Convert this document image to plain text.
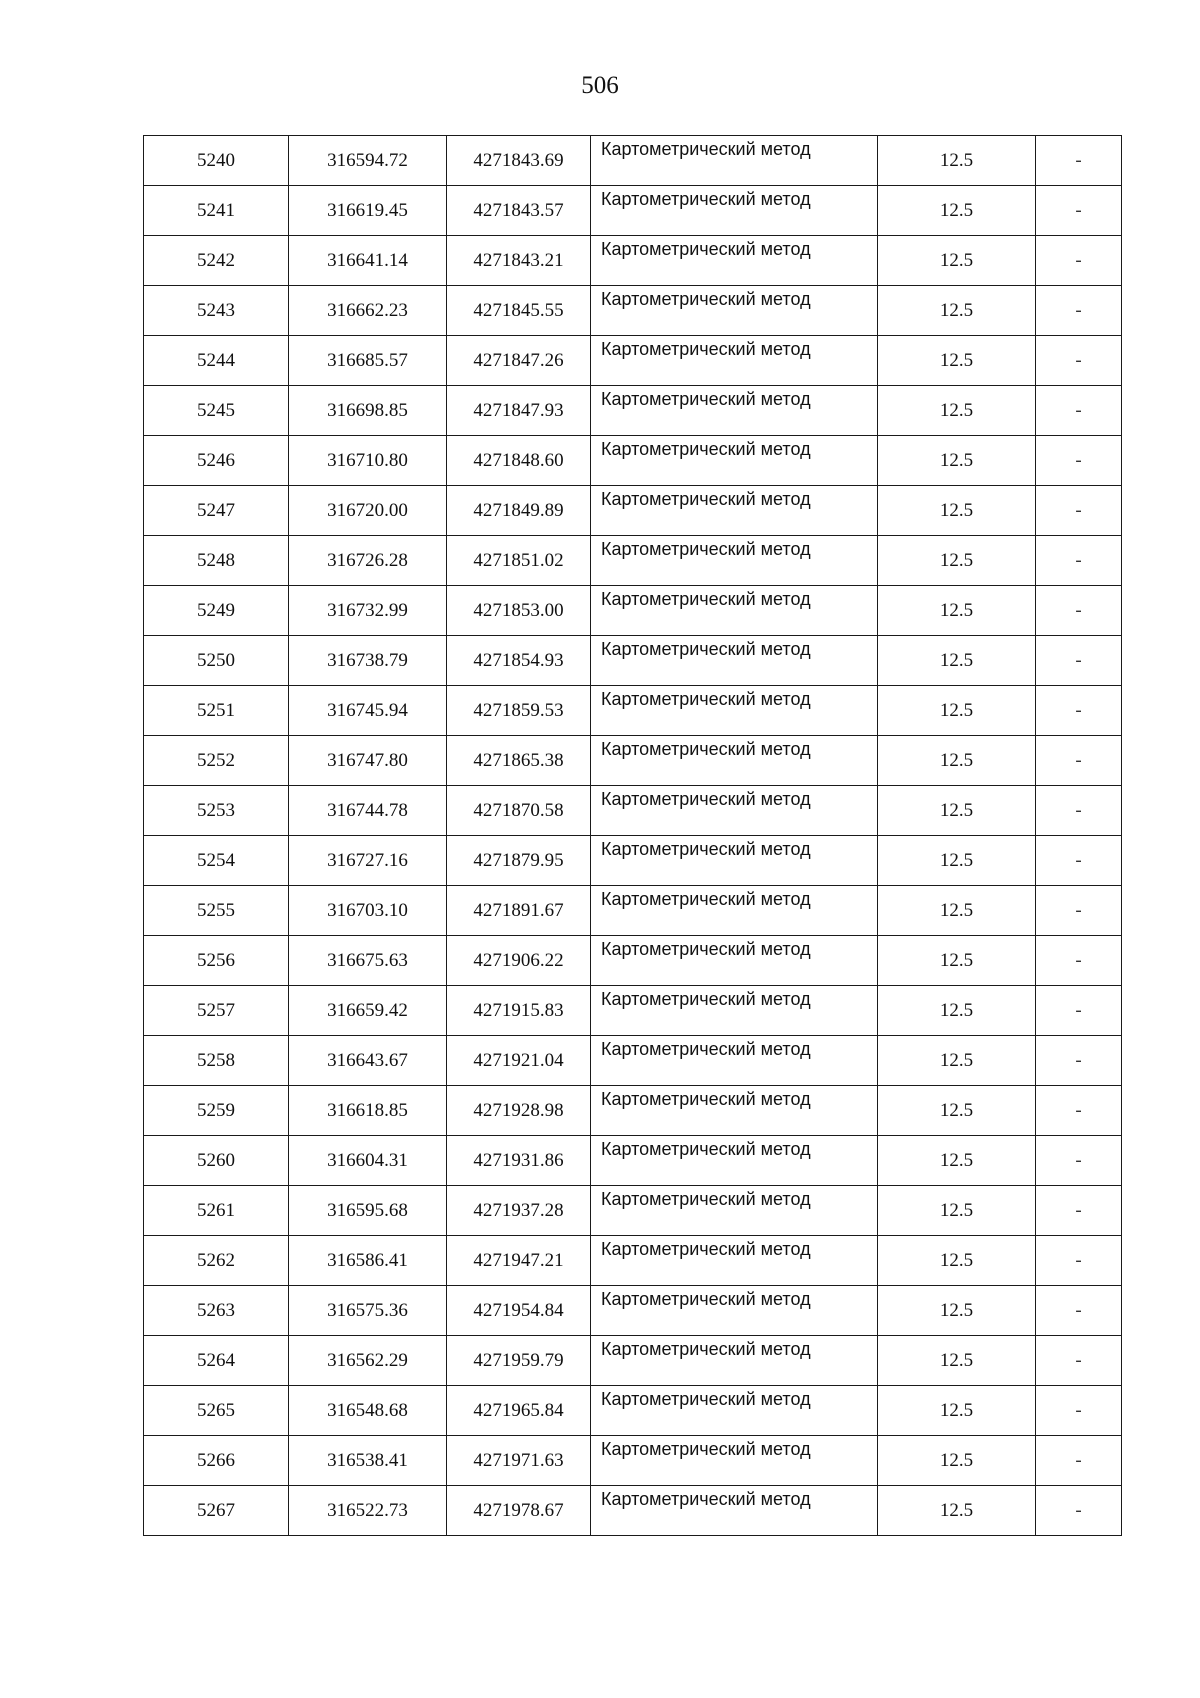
506
5240	316594.72	4271843.69	Картометрический метод	12.5	-
5241	316619.45	4271843.57	Картометрический метод	12.5	-
5242	316641.14	4271843.21	Картометрический метод	12.5	-
5243	316662.23	4271845.55	Картометрический метод	12.5	-
5244	316685.57	4271847.26	Картометрический метод	12.5	-
5245	316698.85	4271847.93	Картометрический метод	12.5	-
5246	316710.80	4271848.60	Картометрический метод	12.5	-
5247	316720.00	4271849.89	Картометрический метод	12.5	-
5248	316726.28	4271851.02	Картометрический метод	12.5	-
5249	316732.99	4271853.00	Картометрический метод	12.5	-
5250	316738.79	4271854.93	Картометрический метод	12.5	-
5251	316745.94	4271859.53	Картометрический метод	12.5	-
5252	316747.80	4271865.38	Картометрический метод	12.5	-
5253	316744.78	4271870.58	Картометрический метод	12.5	-
5254	316727.16	4271879.95	Картометрический метод	12.5	-
5255	316703.10	4271891.67	Картометрический метод	12.5	-
5256	316675.63	4271906.22	Картометрический метод	12.5	-
5257	316659.42	4271915.83	Картометрический метод	12.5	-
5258	316643.67	4271921.04	Картометрический метод	12.5	-
5259	316618.85	4271928.98	Картометрический метод	12.5	-
5260	316604.31	4271931.86	Картометрический метод	12.5	-
5261	316595.68	4271937.28	Картометрический метод	12.5	-
5262	316586.41	4271947.21	Картометрический метод	12.5	-
5263	316575.36	4271954.84	Картометрический метод	12.5	-
5264	316562.29	4271959.79	Картометрический метод	12.5	-
5265	316548.68	4271965.84	Картометрический метод	12.5	-
5266	316538.41	4271971.63	Картометрический метод	12.5	-
5267	316522.73	4271978.67	Картометрический метод	12.5	-
